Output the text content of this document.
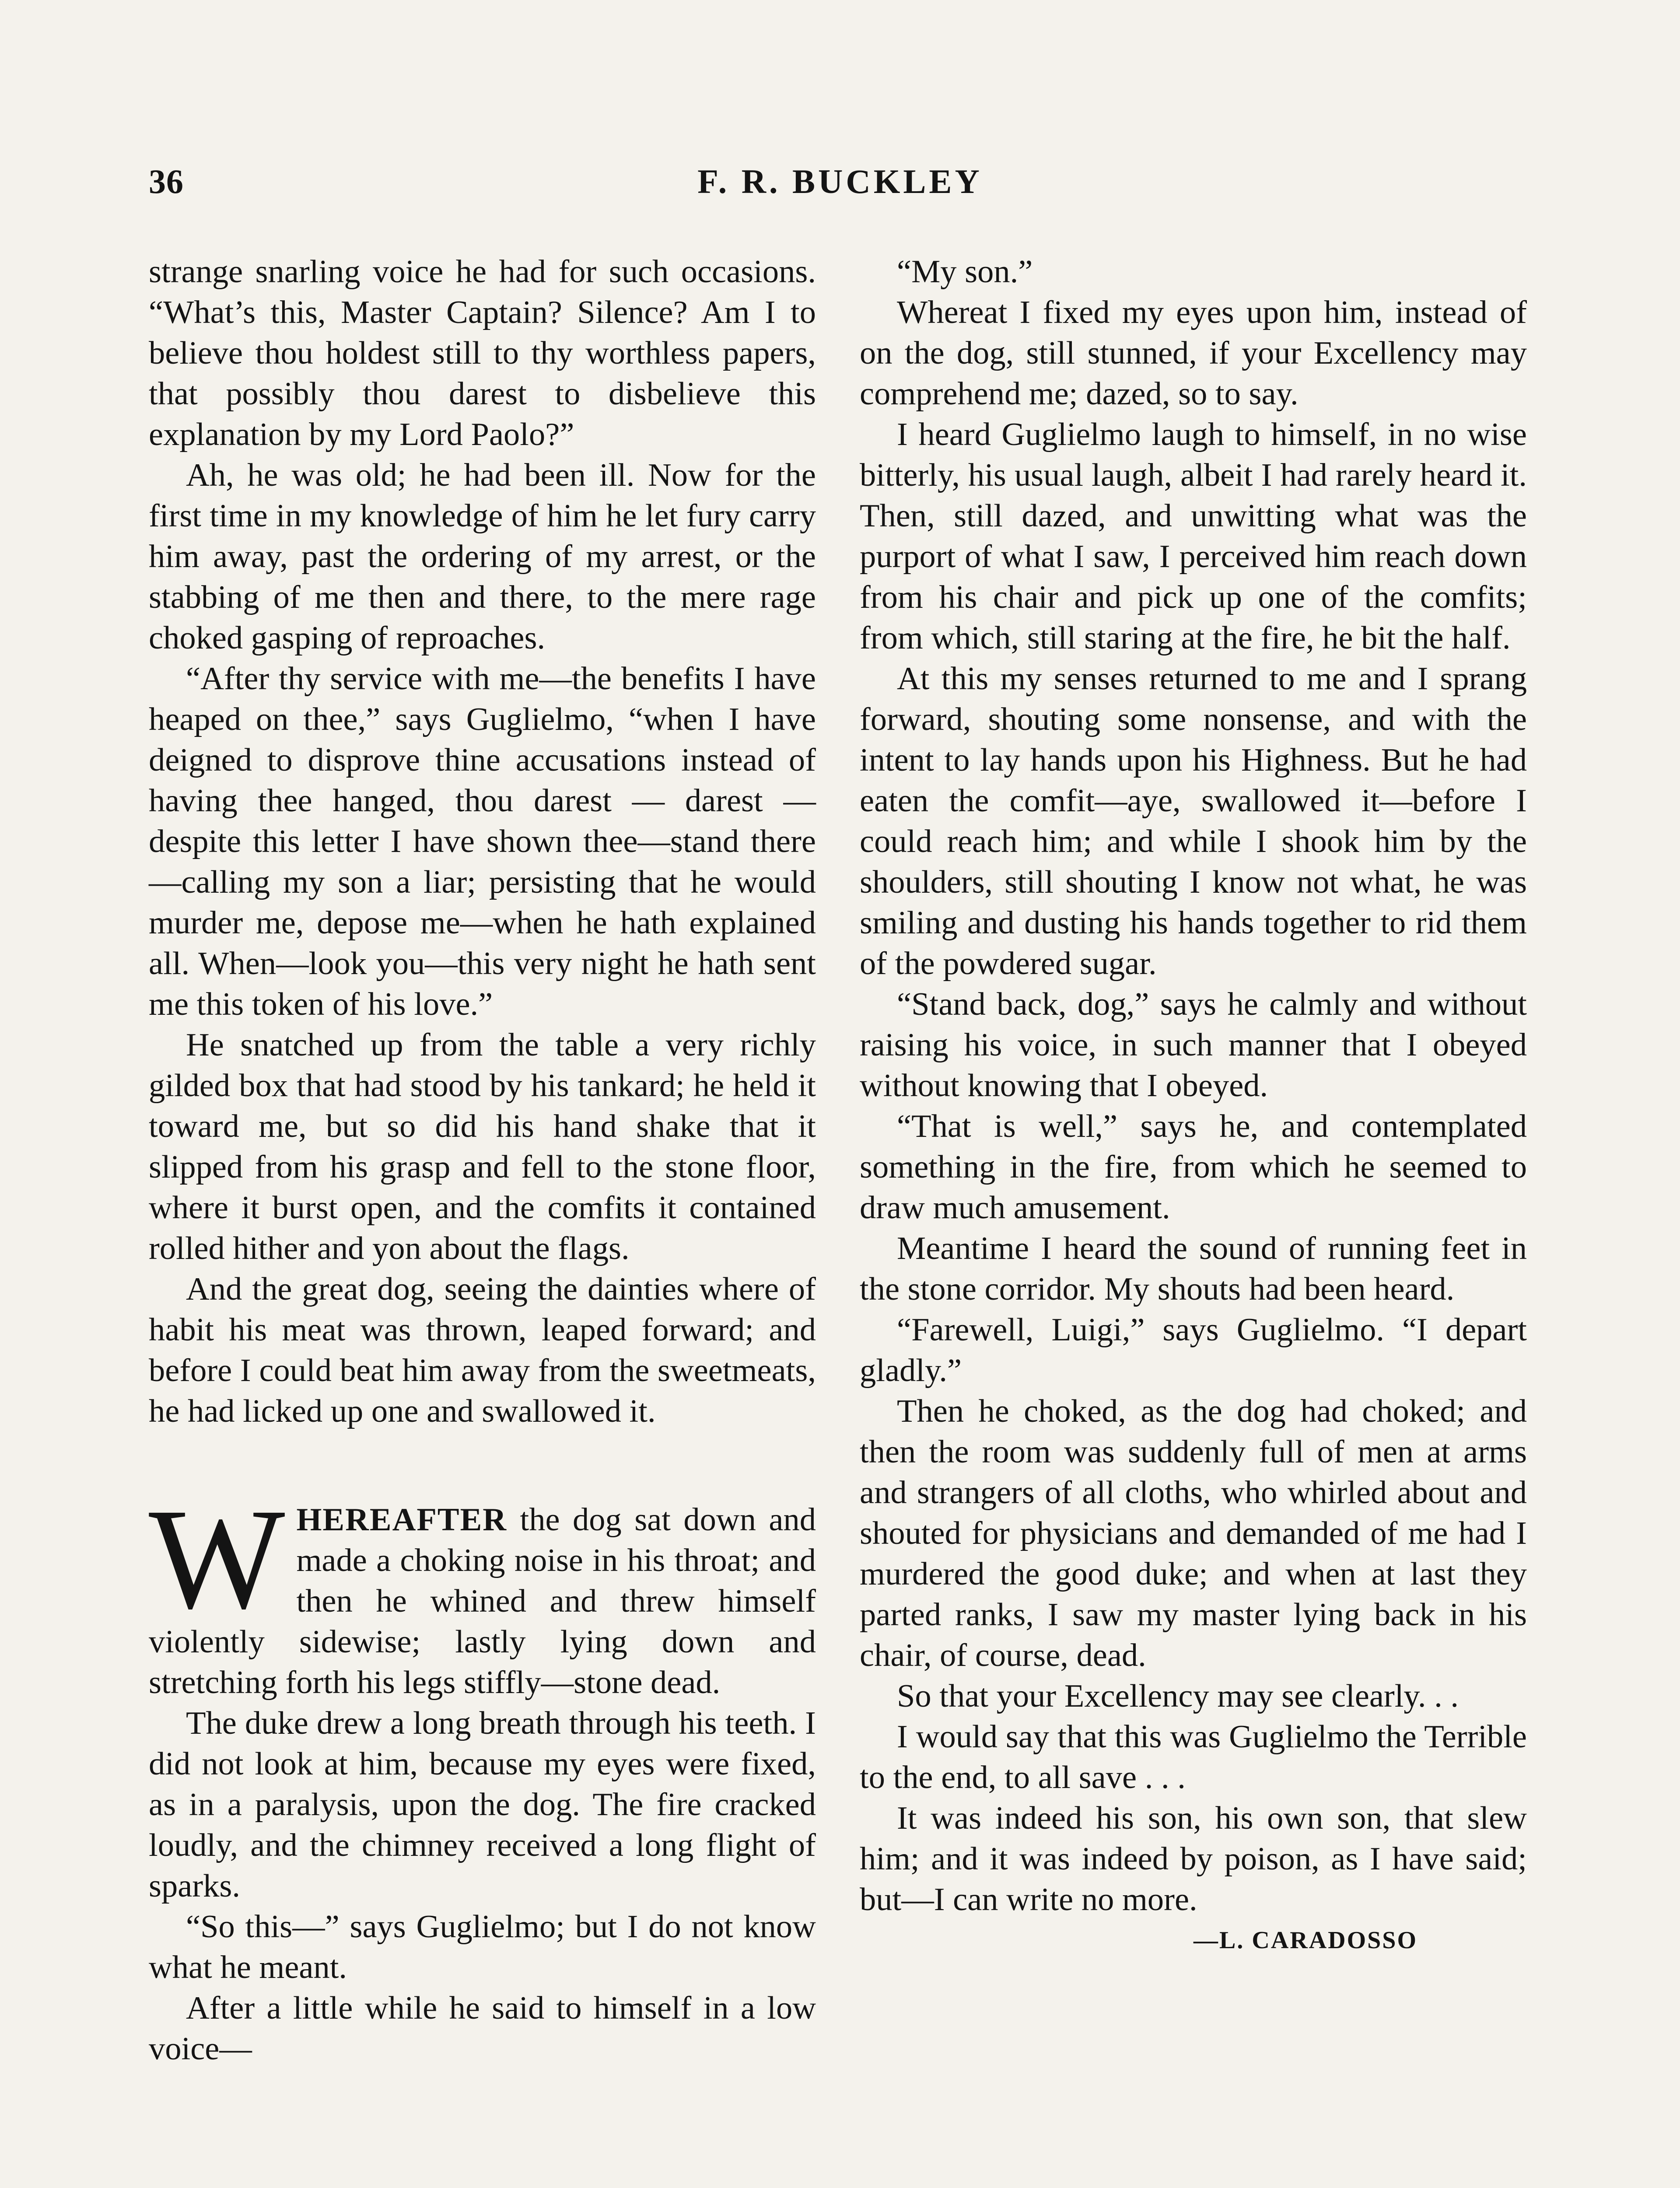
36	F. R. BUCKLEY

strange snarling voice he had for such occasions. “What’s this, Master Captain? Silence? Am I to believe thou holdest still to thy worthless papers, that possibly thou darest to disbelieve this explanation by my Lord Paolo?”

Ah, he was old; he had been ill. Now for the first time in my knowledge of him he let fury carry him away, past the ordering of my arrest, or the stabbing of me then and there, to the mere rage choked gasping of reproaches.

“After thy service with me—the benefits I have heaped on thee,” says Guglielmo, “when I have deigned to disprove thine accusations instead of having thee hanged, thou darest — darest — despite this letter I have shown thee—stand there—calling my son a liar; persisting that he would murder me, depose me—when he hath explained all. When—look you—this very night he hath sent me this token of his love.”

He snatched up from the table a very richly gilded box that had stood by his tankard; he held it toward me, but so did his hand shake that it slipped from his grasp and fell to the stone floor, where it burst open, and the comfits it contained rolled hither and yon about the flags.

And the great dog, seeing the dainties where of habit his meat was thrown, leaped forward; and before I could beat him away from the sweetmeats, he had licked up one and swallowed it.

WHEREAFTER the dog sat down and made a choking noise in his throat; and then he whined and threw himself violently sidewise; lastly lying down and stretching forth his legs stiffly—stone dead.

The duke drew a long breath through his teeth. I did not look at him, because my eyes were fixed, as in a paralysis, upon the dog. The fire cracked loudly, and the chimney received a long flight of sparks.

“So this—” says Guglielmo; but I do not know what he meant.

After a little while he said to himself in a low voice—

“My son.”

Whereat I fixed my eyes upon him, instead of on the dog, still stunned, if your Excellency may comprehend me; dazed, so to say.

I heard Guglielmo laugh to himself, in no wise bitterly, his usual laugh, albeit I had rarely heard it. Then, still dazed, and unwitting what was the purport of what I saw, I perceived him reach down from his chair and pick up one of the comfits; from which, still staring at the fire, he bit the half.

At this my senses returned to me and I sprang forward, shouting some nonsense, and with the intent to lay hands upon his Highness. But he had eaten the comfit—aye, swallowed it—before I could reach him; and while I shook him by the shoulders, still shouting I know not what, he was smiling and dusting his hands together to rid them of the powdered sugar.

“Stand back, dog,” says he calmly and without raising his voice, in such manner that I obeyed without knowing that I obeyed.

“That is well,” says he, and contemplated something in the fire, from which he seemed to draw much amusement.

Meantime I heard the sound of running feet in the stone corridor. My shouts had been heard.

“Farewell, Luigi,” says Guglielmo. “I depart gladly.”

Then he choked, as the dog had choked; and then the room was suddenly full of men at arms and strangers of all cloths, who whirled about and shouted for physicians and demanded of me had I murdered the good duke; and when at last they parted ranks, I saw my master lying back in his chair, of course, dead.

So that your Excellency may see clearly. . .

I would say that this was Guglielmo the Terrible to the end, to all save . . .

It was indeed his son, his own son, that slew him; and it was indeed by poison, as I have said; but—I can write no more.

—L. CARADOSSO
